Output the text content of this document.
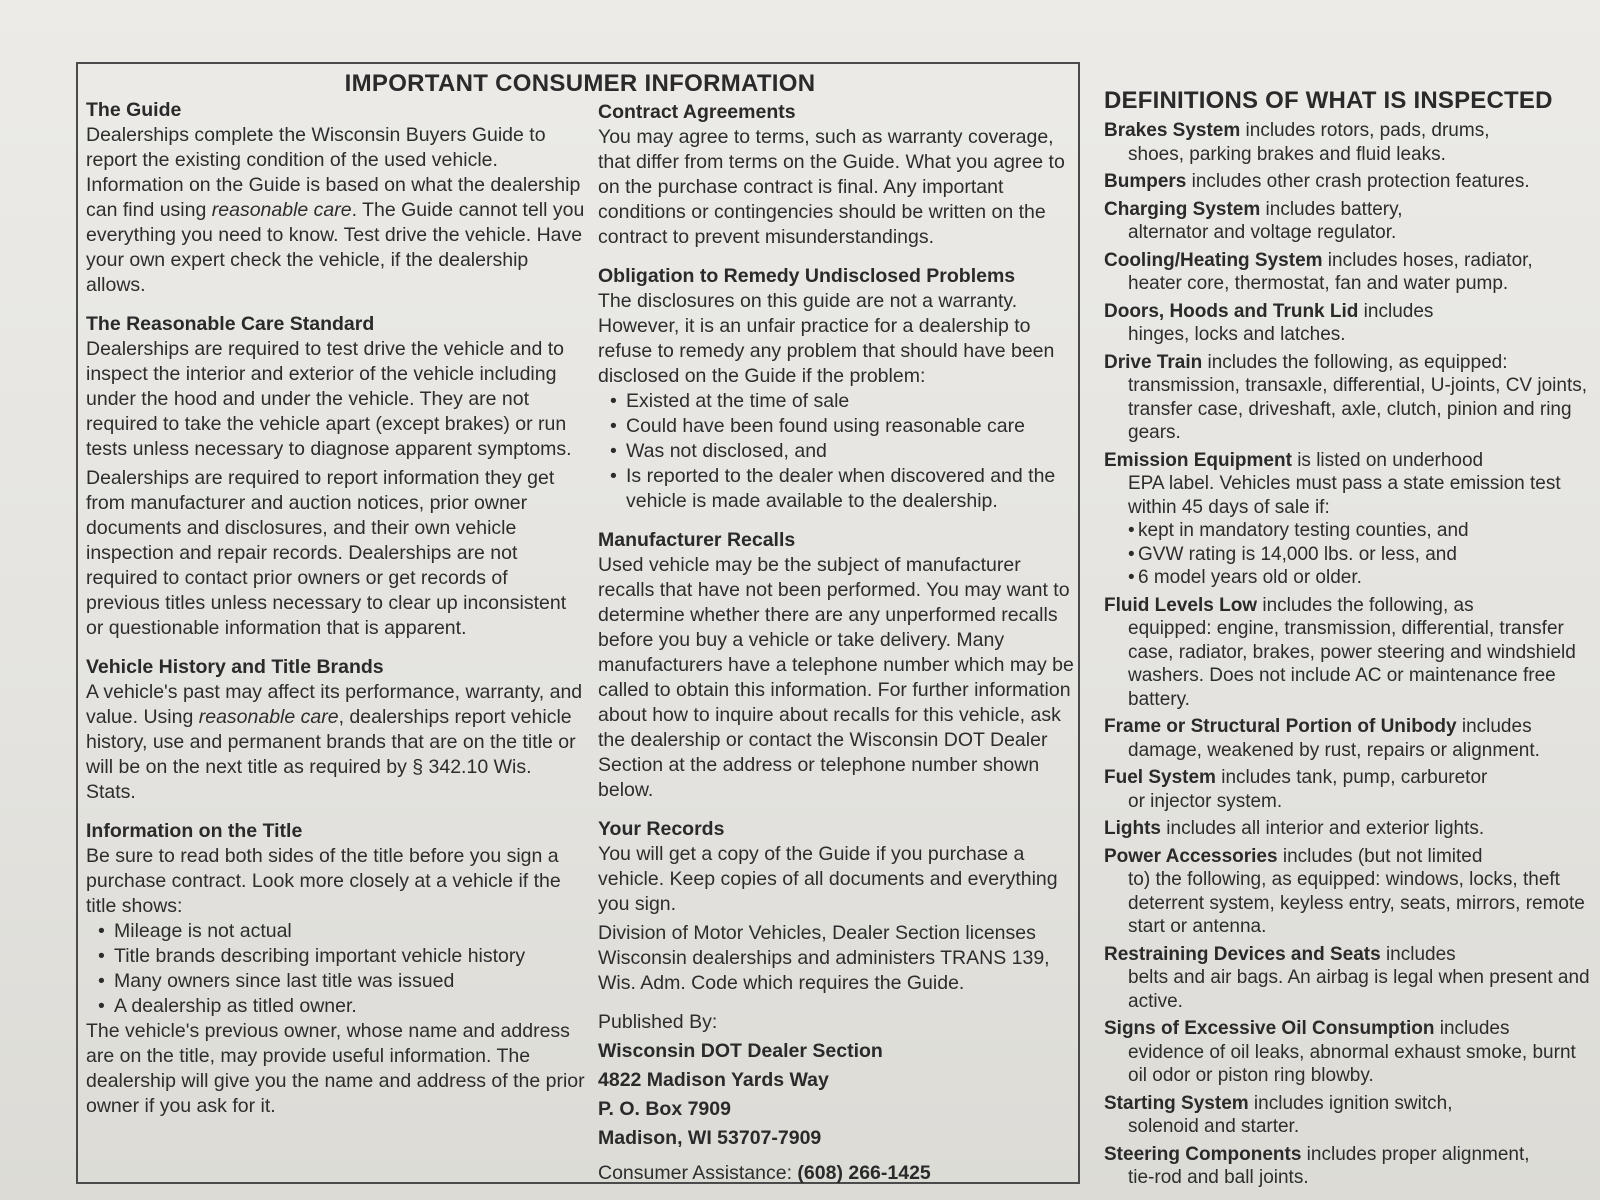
IMPORTANT CONSUMER INFORMATION
The Guide

Dealerships complete the Wisconsin Buyers Guide to report the existing condition of the used vehicle. Information on the Guide is based on what the dealership can find using reasonable care. The Guide cannot tell you everything you need to know. Test drive the vehicle. Have your own expert check the vehicle, if the dealership allows.

The Reasonable Care Standard

Dealerships are required to test drive the vehicle and to inspect the interior and exterior of the vehicle including under the hood and under the vehicle. They are not required to take the vehicle apart (except brakes) or run tests unless necessary to diagnose apparent symptoms.

Dealerships are required to report information they get from manufacturer and auction notices, prior owner documents and disclosures, and their own vehicle inspection and repair records. Dealerships are not required to contact prior owners or get records of previous titles unless necessary to clear up inconsistent or questionable information that is apparent.

Vehicle History and Title Brands

A vehicle's past may affect its performance, warranty, and value. Using reasonable care, dealerships report vehicle history, use and permanent brands that are on the title or will be on the next title as required by § 342.10 Wis. Stats.

Information on the Title

Be sure to read both sides of the title before you sign a purchase contract. Look more closely at a vehicle if the title shows:

• Mileage is not actual
• Title brands describing important vehicle history
• Many owners since last title was issued
• A dealership as titled owner.

The vehicle's previous owner, whose name and address are on the title, may provide useful information. The dealership will give you the name and address of the prior owner if you ask for it.

Contract Agreements

You may agree to terms, such as warranty coverage, that differ from terms on the Guide. What you agree to on the purchase contract is final. Any important conditions or contingencies should be written on the contract to prevent misunderstandings.

Obligation to Remedy Undisclosed Problems

The disclosures on this guide are not a warranty. However, it is an unfair practice for a dealership to refuse to remedy any problem that should have been disclosed on the Guide if the problem:

• Existed at the time of sale
• Could have been found using reasonable care
• Was not disclosed, and
• Is reported to the dealer when discovered and the vehicle is made available to the dealership.
Manufacturer Recalls

Used vehicle may be the subject of manufacturer recalls that have not been performed. You may want to determine whether there are any unperformed recalls before you buy a vehicle or take delivery. Many manufacturers have a telephone number which may be called to obtain this information. For further information about how to inquire about recalls for this vehicle, ask the dealership or contact the Wisconsin DOT Dealer Section at the address or telephone number shown below.

Your Records

You will get a copy of the Guide if you purchase a vehicle. Keep copies of all documents and everything you sign.

Division of Motor Vehicles, Dealer Section licenses Wisconsin dealerships and administers TRANS 139, Wis. Adm. Code which requires the Guide.

Published By:

Wisconsin DOT Dealer Section

4822 Madison Yards Way

P. O. Box 7909

Madison, WI 53707-7909

Consumer Assistance: (608) 266-1425

DEFINITIONS OF WHAT IS INSPECTED
Brakes System includes rotors, pads, drums,
shoes, parking brakes and fluid leaks.
Bumpers includes other crash protection features.
Charging System includes battery,
alternator and voltage regulator.
Cooling/Heating System includes hoses, radiator,
heater core, thermostat, fan and water pump.
Doors, Hoods and Trunk Lid includes
hinges, locks and latches.
Drive Train includes the following, as equipped:
transmission, transaxle, differential, U-joints, CV joints, transfer case, driveshaft, axle, clutch, pinion and ring gears.
Emission Equipment is listed on underhood
EPA label. Vehicles must pass a state emission test within 45 days of sale if:
• kept in mandatory testing counties, and
• GVW rating is 14,000 lbs. or less, and
• 6 model years old or older.
Fluid Levels Low includes the following, as
equipped: engine, transmission, differential, transfer case, radiator, brakes, power steering and windshield washers. Does not include AC or maintenance free battery.
Frame or Structural Portion of Unibody includes
damage, weakened by rust, repairs or alignment.
Fuel System includes tank, pump, carburetor
or injector system.
Lights includes all interior and exterior lights.
Power Accessories includes (but not limited
to) the following, as equipped: windows, locks, theft deterrent system, keyless entry, seats, mirrors, remote start or antenna.
Restraining Devices and Seats includes
belts and air bags. An airbag is legal when present and active.
Signs of Excessive Oil Consumption includes
evidence of oil leaks, abnormal exhaust smoke, burnt oil odor or piston ring blowby.
Starting System includes ignition switch,
solenoid and starter.
Steering Components includes proper alignment,
tie-rod and ball joints.
